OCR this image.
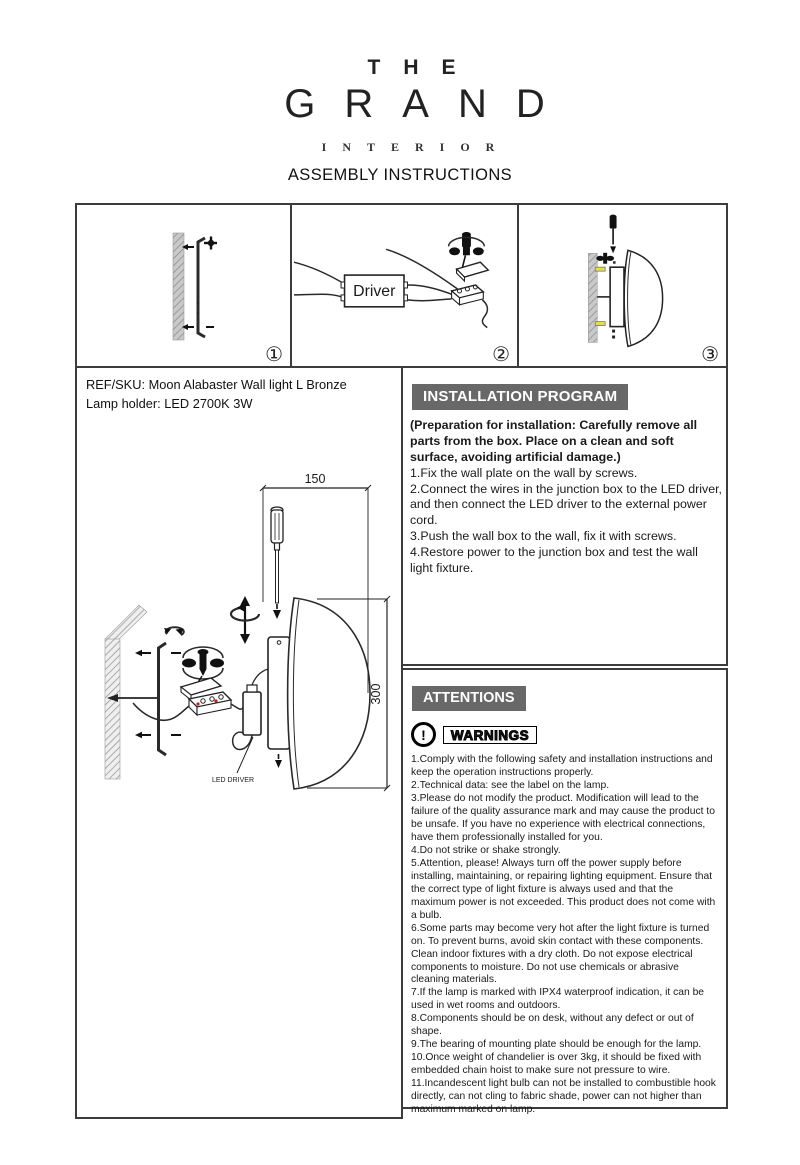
THE
GRAND
INTERIOR
ASSEMBLY INSTRUCTIONS
①
Driver
②	③
REF/SKU: Moon Alabaster Wall light L Bronze
Lamp holder: LED 2700K 3W
LED DRIVER
150
300
INSTALLATION PROGRAM

(Preparation for installation: Carefully remove all parts from the box. Place on a clean and soft surface, avoiding artificial damage.)

1.Fix the wall plate on the wall by screws.

2.Connect the wires in the junction box to the LED driver, and then connect the LED driver to the external power cord.

3.Push the wall box to the wall, fix it with screws.

4.Restore power to the junction box and test the wall light fixture.

ATTENTIONS
!	WARNINGS

1.Comply with the following safety and installation instructions and keep the operation instructions properly.

2.Technical data: see the label on the lamp.

3.Please do not modify the product. Modification will lead to the failure of the quality assurance mark and may cause the product to be unsafe. If you have no experience with electrical connections, have them professionally installed for you.

4.Do not strike or shake strongly.

5.Attention, please! Always turn off the power supply before installing, maintaining, or repairing lighting equipment. Ensure that the correct type of light fixture is always used and that the maximum power is not exceeded. This product does not come with a bulb.

6.Some parts may become very hot after the light fixture is turned on. To prevent burns, avoid skin contact with these components. Clean indoor fixtures with a dry cloth. Do not expose electrical components to moisture. Do not use chemicals or abrasive cleaning materials.

7.If the lamp is marked with IPX4 waterproof indication, it can be used in wet rooms and outdoors.

8.Components should be on desk, without any defect or out of shape.

9.The bearing of mounting plate should be enough for the lamp.

10.Once weight of chandelier is over 3kg, it should be fixed with embedded chain hoist to make sure not pressure to wire.

11.Incandescent light bulb can not be installed to combustible hook directly, can not cling to fabric shade, power can not higher than maximum marked on lamp.
